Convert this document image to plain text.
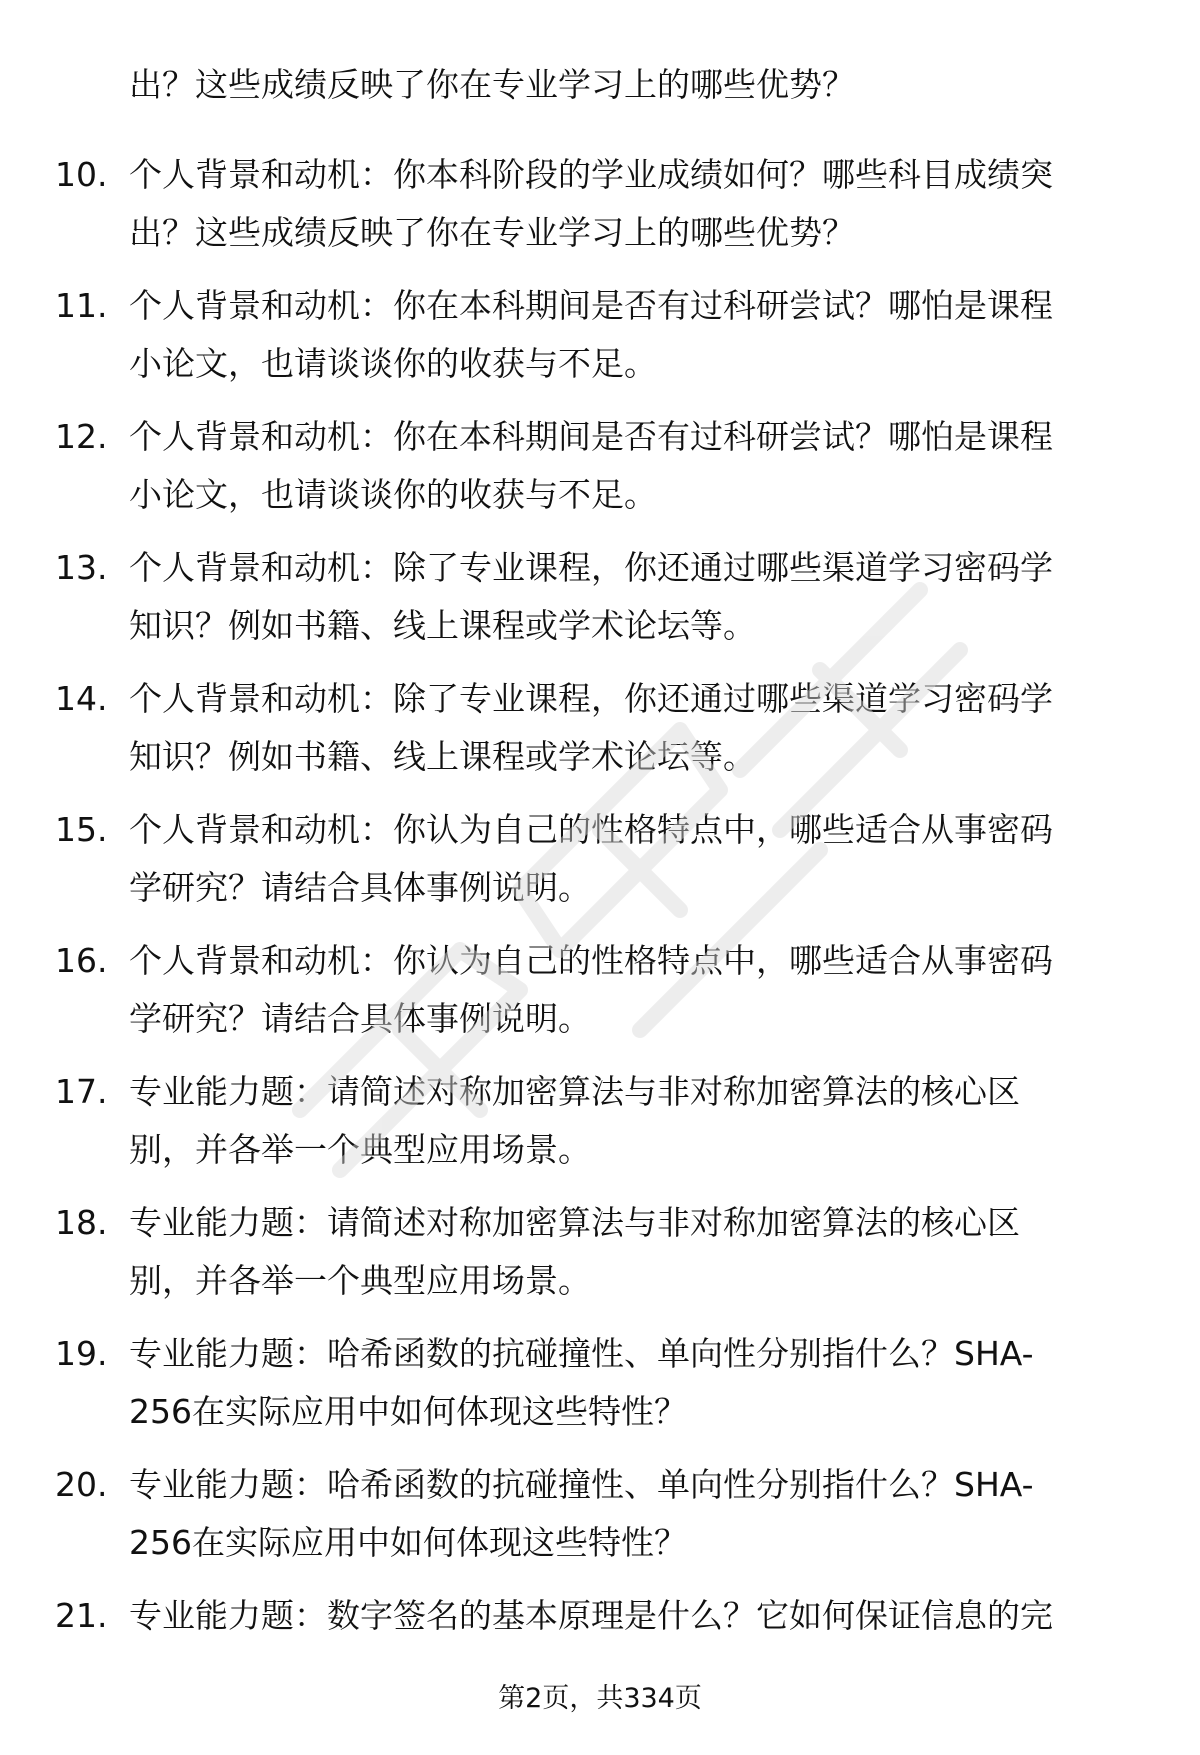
出？这些成绩反映了你在专业学习上的哪些优势？
10. 个人背景和动机：你本科阶段的学业成绩如何？哪些科目成绩突
出？这些成绩反映了你在专业学习上的哪些优势？
11. 个人背景和动机：你在本科期间是否有过科研尝试？哪怕是课程
小论文，也请谈谈你的收获与不足。
12. 个人背景和动机：你在本科期间是否有过科研尝试？哪怕是课程
小论文，也请谈谈你的收获与不足。
13. 个人背景和动机：除了专业课程，你还通过哪些渠道学习密码学
知识？例如书籍、线上课程或学术论坛等。
14. 个人背景和动机：除了专业课程，你还通过哪些渠道学习密码学
知识？例如书籍、线上课程或学术论坛等。
15. 个人背景和动机：你认为自己的性格特点中，哪些适合从事密码
学研究？请结合具体事例说明。
16. 个人背景和动机：你认为自己的性格特点中，哪些适合从事密码
学研究？请结合具体事例说明。
17. 专业能力题：请简述对称加密算法与非对称加密算法的核心区
别，并各举一个典型应用场景。
18. 专业能力题：请简述对称加密算法与非对称加密算法的核心区
别，并各举一个典型应用场景。
19. 专业能力题：哈希函数的抗碰撞性、单向性分别指什么？SHA-
256在实际应用中如何体现这些特性？
20. 专业能力题：哈希函数的抗碰撞性、单向性分别指什么？SHA-
256在实际应用中如何体现这些特性？
21. 专业能力题：数字签名的基本原理是什么？它如何保证信息的完
第2页，共334页
